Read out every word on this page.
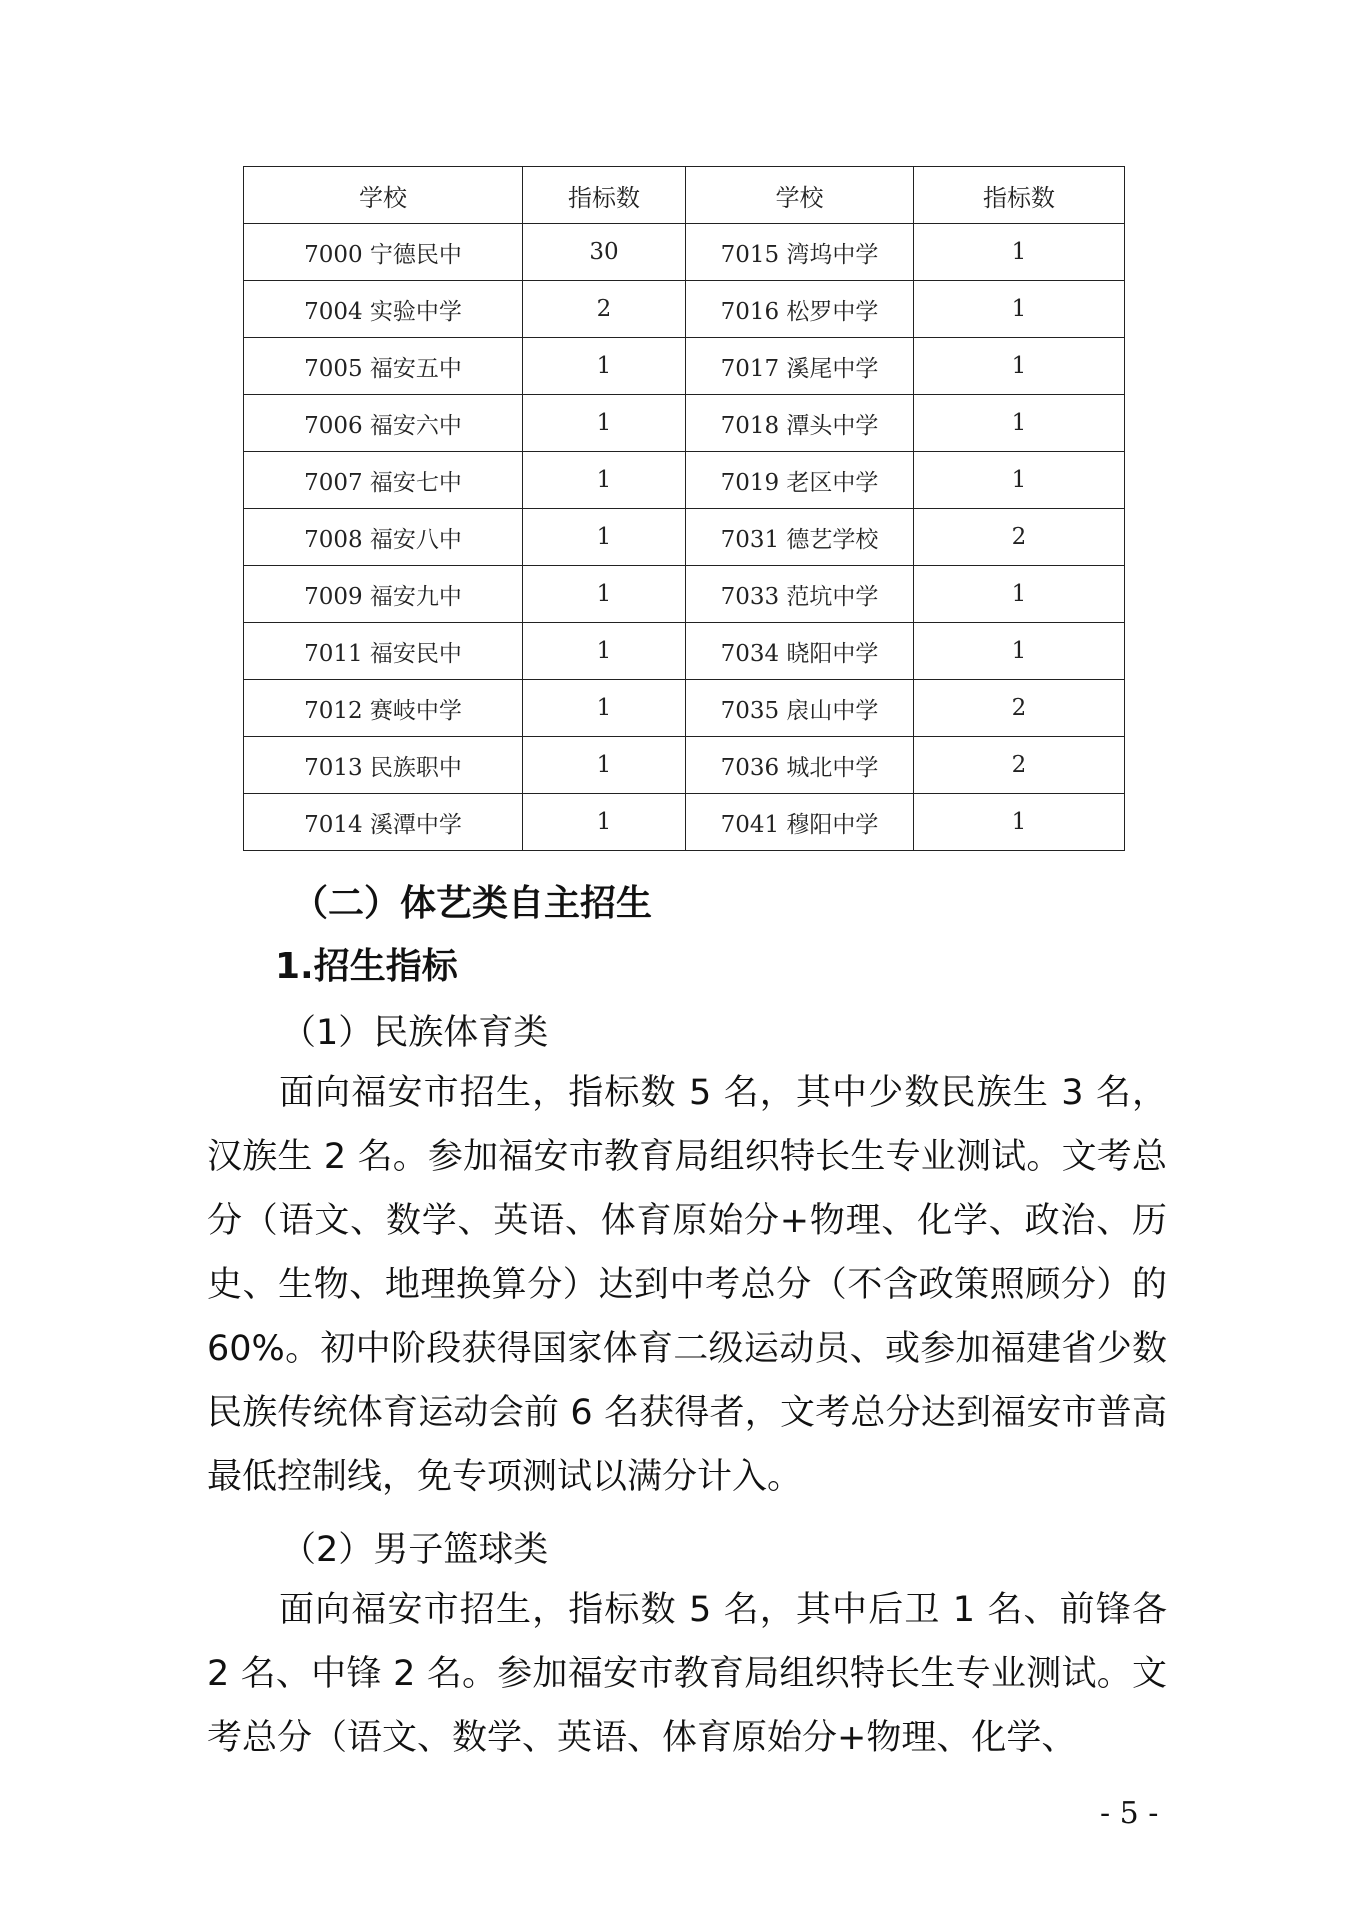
学校	指标数	学校	指标数
7000 宁德民中	30	7015 湾坞中学	1
7004 实验中学	2	7016 松罗中学	1
7005 福安五中	1	7017 溪尾中学	1
7006 福安六中	1	7018 潭头中学	1
7007 福安七中	1	7019 老区中学	1
7008 福安八中	1	7031 德艺学校	2
7009 福安九中	1	7033 范坑中学	1
7011 福安民中	1	7034 晓阳中学	1
7012 赛岐中学	1	7035 扆山中学	2
7013 民族职中	1	7036 城北中学	2
7014 溪潭中学	1	7041 穆阳中学	1
（二）体艺类自主招生
1.招生指标
（1）民族体育类
面向福安市招生，指标数 5 名，其中少数民族生 3 名，汉族生 2 名。参加福安市教育局组织特长生专业测试。文考总分（语文、数学、英语、体育原始分+物理、化学、政治、历史、生物、地理换算分）达到中考总分（不含政策照顾分）的 60%。初中阶段获得国家体育二级运动员、或参加福建省少数民族传统体育运动会前 6 名获得者，文考总分达到福安市普高最低控制线，免专项测试以满分计入。
（2）男子篮球类
面向福安市招生，指标数 5 名，其中后卫 1 名、前锋各 2 名、中锋 2 名。参加福安市教育局组织特长生专业测试。文考总分（语文、数学、英语、体育原始分+物理、化学、
- 5 -
